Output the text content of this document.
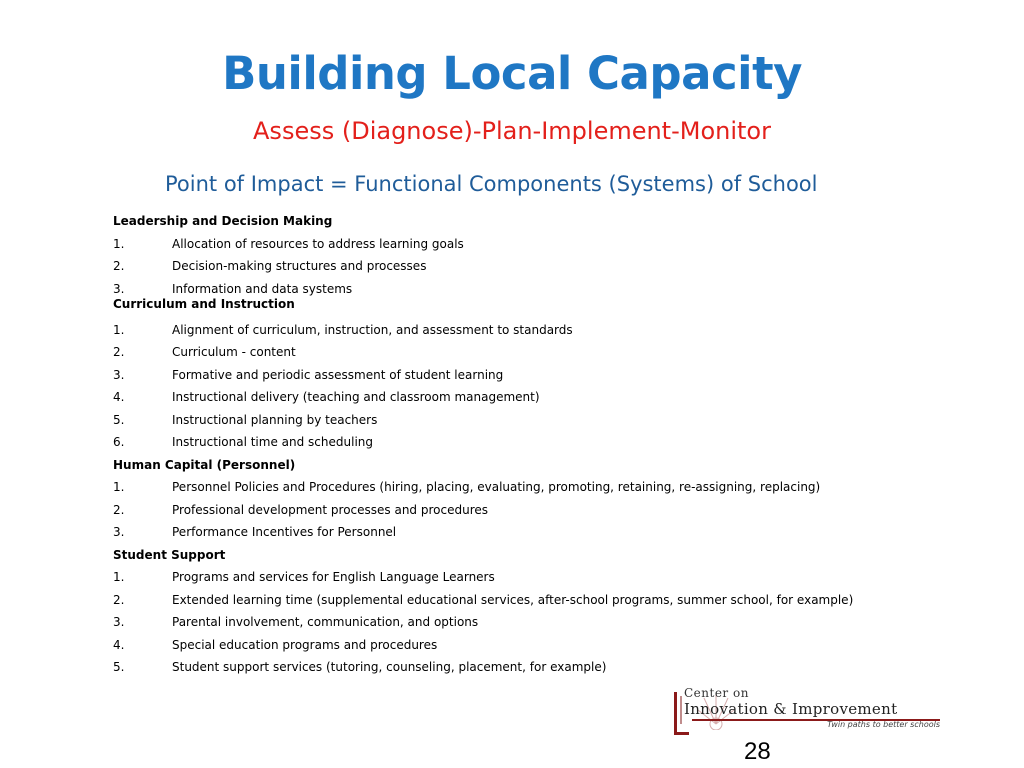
Building Local Capacity
Assess (Diagnose)-Plan-Implement-Monitor
Point of Impact = Functional Components (Systems) of School
Leadership and Decision Making
1.	Allocation of resources to address learning goals
2.	Decision-making structures and processes
3.	Information and data systems
Curriculum and Instruction
1.	Alignment of curriculum, instruction, and assessment to standards
2.	Curriculum - content
3.	Formative and periodic assessment of student learning
4.	Instructional delivery (teaching and classroom management)
5.	Instructional planning by teachers
6.	Instructional time and scheduling
Human Capital (Personnel)
1.	Personnel Policies and Procedures (hiring, placing, evaluating, promoting, retaining, re-assigning, replacing)
2.	Professional development processes and procedures
3.	Performance Incentives for Personnel
Student Support
1.	Programs and services for English Language Learners
2.	Extended learning time (supplemental educational services, after-school programs, summer school, for example)
3.	Parental involvement, communication, and options
4.	Special education programs and procedures
5.	Student support services (tutoring, counseling, placement, for example)
Center on
Innovation & Improvement
Twin paths to better schools
28
